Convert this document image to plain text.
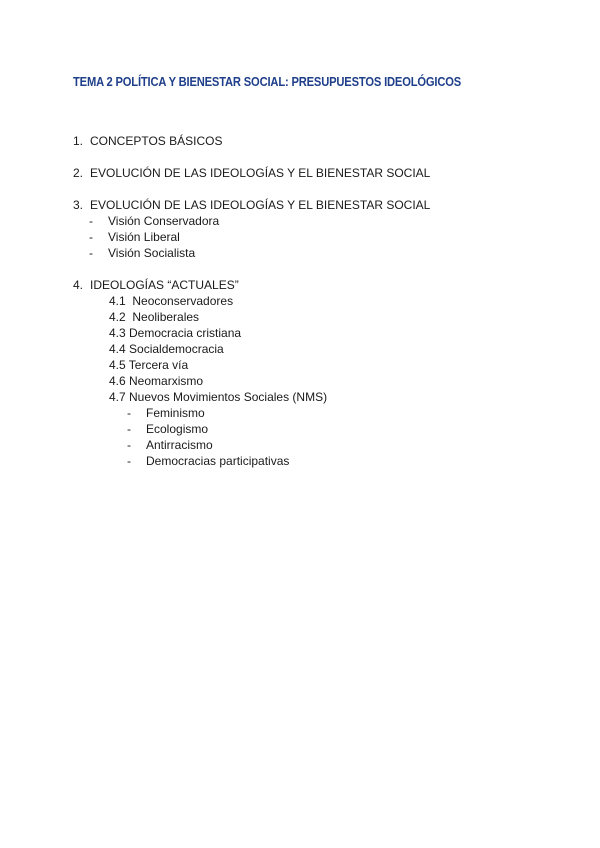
TEMA 2 POLÍTICA Y BIENESTAR SOCIAL: PRESUPUESTOS IDEOLÓGICOS
1. CONCEPTOS BÁSICOS
2. EVOLUCIÓN DE LAS IDEOLOGÍAS Y EL BIENESTAR SOCIAL
3. EVOLUCIÓN DE LAS IDEOLOGÍAS Y EL BIENESTAR SOCIAL
-	Visión Conservadora
-	Visión Liberal
-	Visión Socialista
4. IDEOLOGÍAS “ACTUALES”
4.1  Neoconservadores
4.2  Neoliberales
4.3 Democracia cristiana
4.4 Socialdemocracia
4.5 Tercera vía
4.6 Neomarxismo
4.7 Nuevos Movimientos Sociales (NMS)
-	Feminismo
-	Ecologismo
-	Antirracismo
-	Democracias participativas
